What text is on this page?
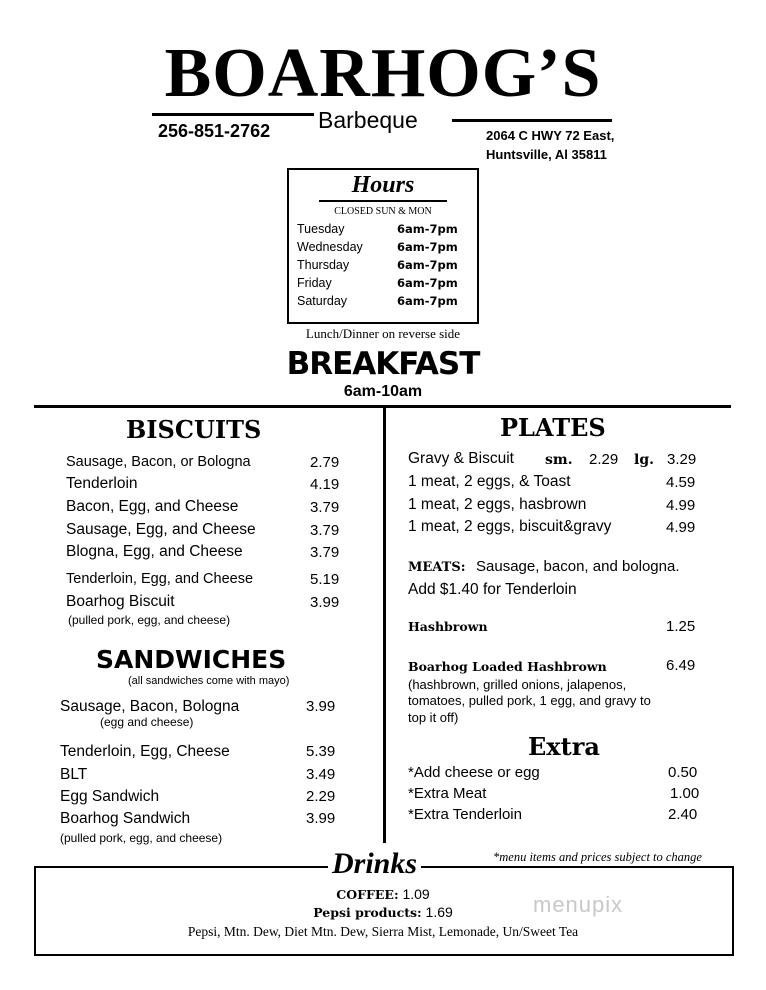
BOARHOG’S
Barbeque
256-851-2762	2064 C HWY 72 East,
Huntsville, Al 35811
Hours
CLOSED SUN & MON
Tuesday	6am-7pm
Wednesday	6am-7pm
Thursday	6am-7pm
Friday	6am-7pm
Saturday	6am-7pm
Lunch/Dinner on reverse side
BREAKFAST
6am-10am
BISCUITS
Sausage, Bacon, or Bologna	2.79
Tenderloin	4.19
Bacon, Egg, and Cheese	3.79
Sausage, Egg, and Cheese	3.79
Blogna, Egg, and Cheese	3.79
Tenderloin, Egg, and Cheese	5.19
Boarhog Biscuit	3.99
(pulled pork, egg, and cheese)
SANDWICHES
(all sandwiches come with mayo)
Sausage, Bacon, Bologna	3.99
(egg and cheese)
Tenderloin, Egg, Cheese	5.39
BLT	3.49
Egg Sandwich	2.29
Boarhog Sandwich	3.99
(pulled pork, egg, and cheese)
PLATES
Gravy & Biscuit sm. 2.29 lg. 3.29
1 meat, 2 eggs, & Toast	4.59
1 meat, 2 eggs, hasbrown	4.99
1 meat, 2 eggs, biscuit&gravy	4.99
MEATS: Sausage, bacon, and bologna.
Add $1.40 for Tenderloin
Hashbrown	1.25
Boarhog Loaded Hashbrown	6.49
(hashbrown, grilled onions, jalapenos,
tomatoes, pulled pork, 1 egg, and gravy to
top it off)
Extra
*Add cheese or egg	0.50
*Extra Meat	1.00
*Extra Tenderloin	2.40
Drinks	*menu items and prices subject to change
COFFEE: 1.09
Pepsi products: 1.69
Pepsi, Mtn. Dew, Diet Mtn. Dew, Sierra Mist, Lemonade, Un/Sweet Tea
menupix
